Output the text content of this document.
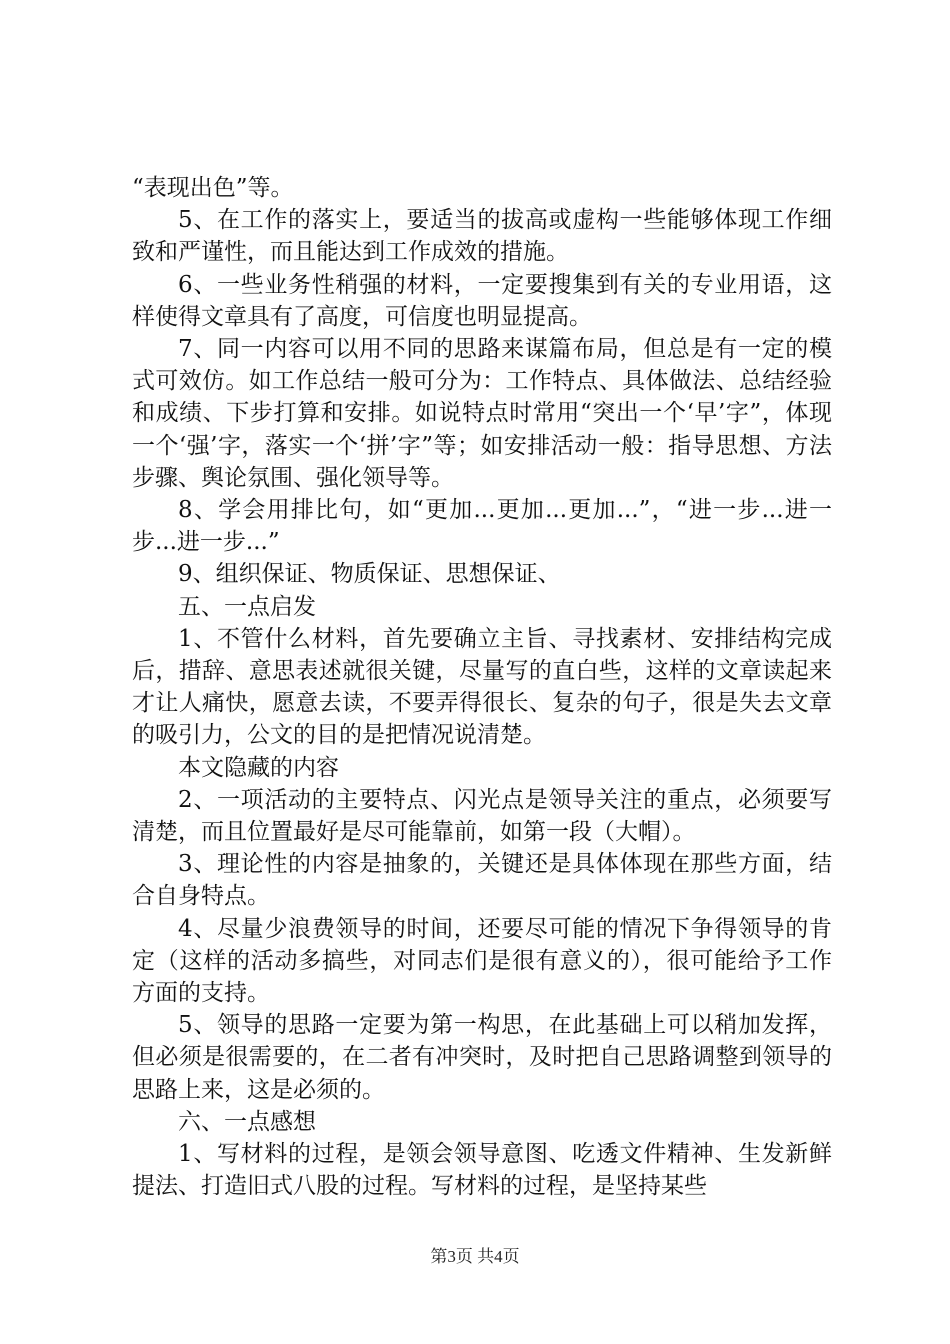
“表现出色”等。

5、在工作的落实上，要适当的拔高或虚构一些能够体现工作细致和严谨性，而且能达到工作成效的措施。

6、一些业务性稍强的材料，一定要搜集到有关的专业用语，这样使得文章具有了高度，可信度也明显提高。

7、同一内容可以用不同的思路来谋篇布局，但总是有一定的模式可效仿。如工作总结一般可分为：工作特点、具体做法、总结经验和成绩、下步打算和安排。如说特点时常用“突出一个‘早’字”，体现一个‘强’字，落实一个‘拼’字”等；如安排活动一般：指导思想、方法步骤、舆论氛围、强化领导等。

8、学会用排比句，如“更加...更加...更加...”，“进一步...进一步...进一步...”

9、组织保证、物质保证、思想保证、

五、一点启发

1、不管什么材料，首先要确立主旨、寻找素材、安排结构完成后，措辞、意思表述就很关键，尽量写的直白些，这样的文章读起来才让人痛快，愿意去读，不要弄得很长、复杂的句子，很是失去文章的吸引力，公文的目的是把情况说清楚。

本文隐藏的内容

2、一项活动的主要特点、闪光点是领导关注的重点，必须要写清楚，而且位置最好是尽可能靠前，如第一段（大帽）。

3、理论性的内容是抽象的，关键还是具体体现在那些方面，结合自身特点。

4、尽量少浪费领导的时间，还要尽可能的情况下争得领导的肯定（这样的活动多搞些，对同志们是很有意义的），很可能给予工作方面的支持。

5、领导的思路一定要为第一构思，在此基础上可以稍加发挥，但必须是很需要的，在二者有冲突时，及时把自己思路调整到领导的思路上来，这是必须的。

六、一点感想

1、写材料的过程，是领会领导意图、吃透文件精神、生发新鲜提法、打造旧式八股的过程。写材料的过程，是坚持某些

第3页 共4页
